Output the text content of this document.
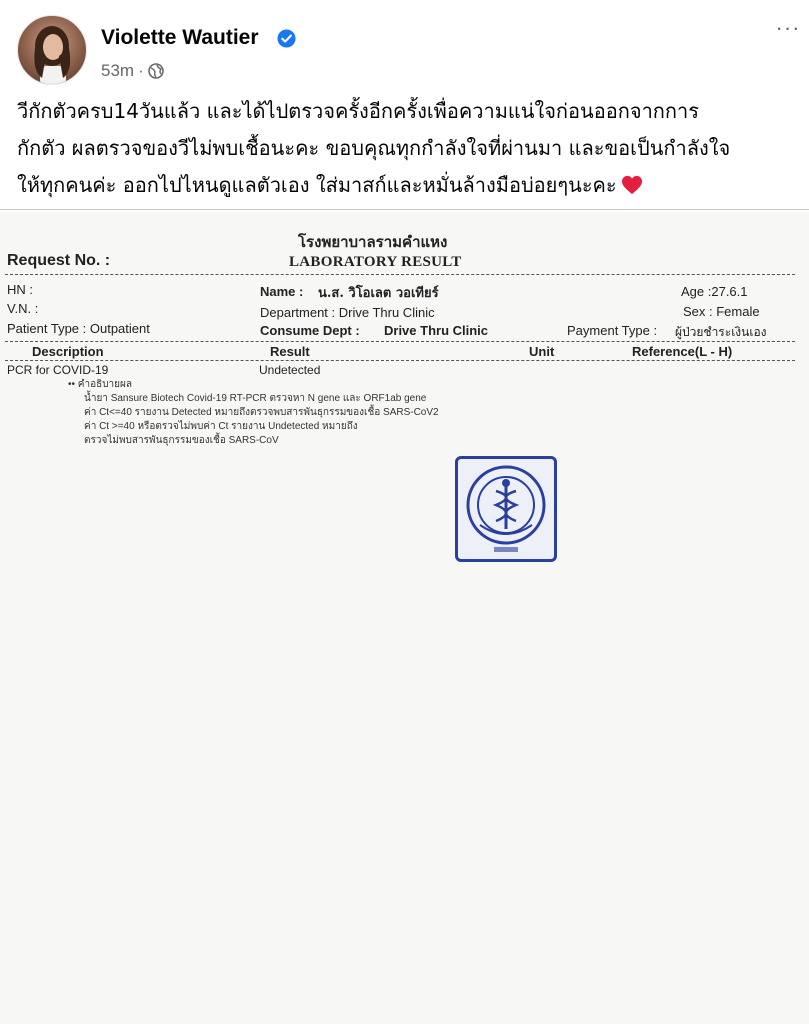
Violette Wautier
53m ·
···
วีกักตัวครบ14วันแล้ว และได้ไปตรวจครั้งอีกครั้งเพื่อความแน่ใจก่อนออกจากการ
กักตัว ผลตรวจของวีไม่พบเชื้อนะคะ ขอบคุณทุกกำลังใจที่ผ่านมา และขอเป็นกำลังใจ
ให้ทุกคนค่ะ ออกไปไหนดูแลตัวเอง ใส่มาสก์และหมั่นล้างมือบ่อยๆนะคะ
โรงพยาบาลรามคำแหง
LABORATORY RESULT
Request No. :
HN :
V.N. :
Patient Type : Outpatient
Name : น.ส. วิโอเลต วอเทียร์
Department : Drive Thru Clinic
Consume Dept : Drive Thru Clinic
Age :27.6.1
Sex : Female
Payment Type : ผู้ป่วยชำระเงินเอง
Description	Result	Unit	Reference(L - H)
PCR for COVID-19	Undetected
•• คำอธิบายผล
น้ำยา Sansure Biotech Covid-19 RT-PCR ตรวจหา N gene และ ORF1ab gene
ค่า Ct<=40 รายงาน Detected หมายถึงตรวจพบสารพันธุกรรมของเชื้อ SARS-CoV2
ค่า Ct >=40 หรือตรวจไม่พบค่า Ct รายงาน Undetected หมายถึง
ตรวจไม่พบสารพันธุกรรมของเชื้อ SARS-CoV
